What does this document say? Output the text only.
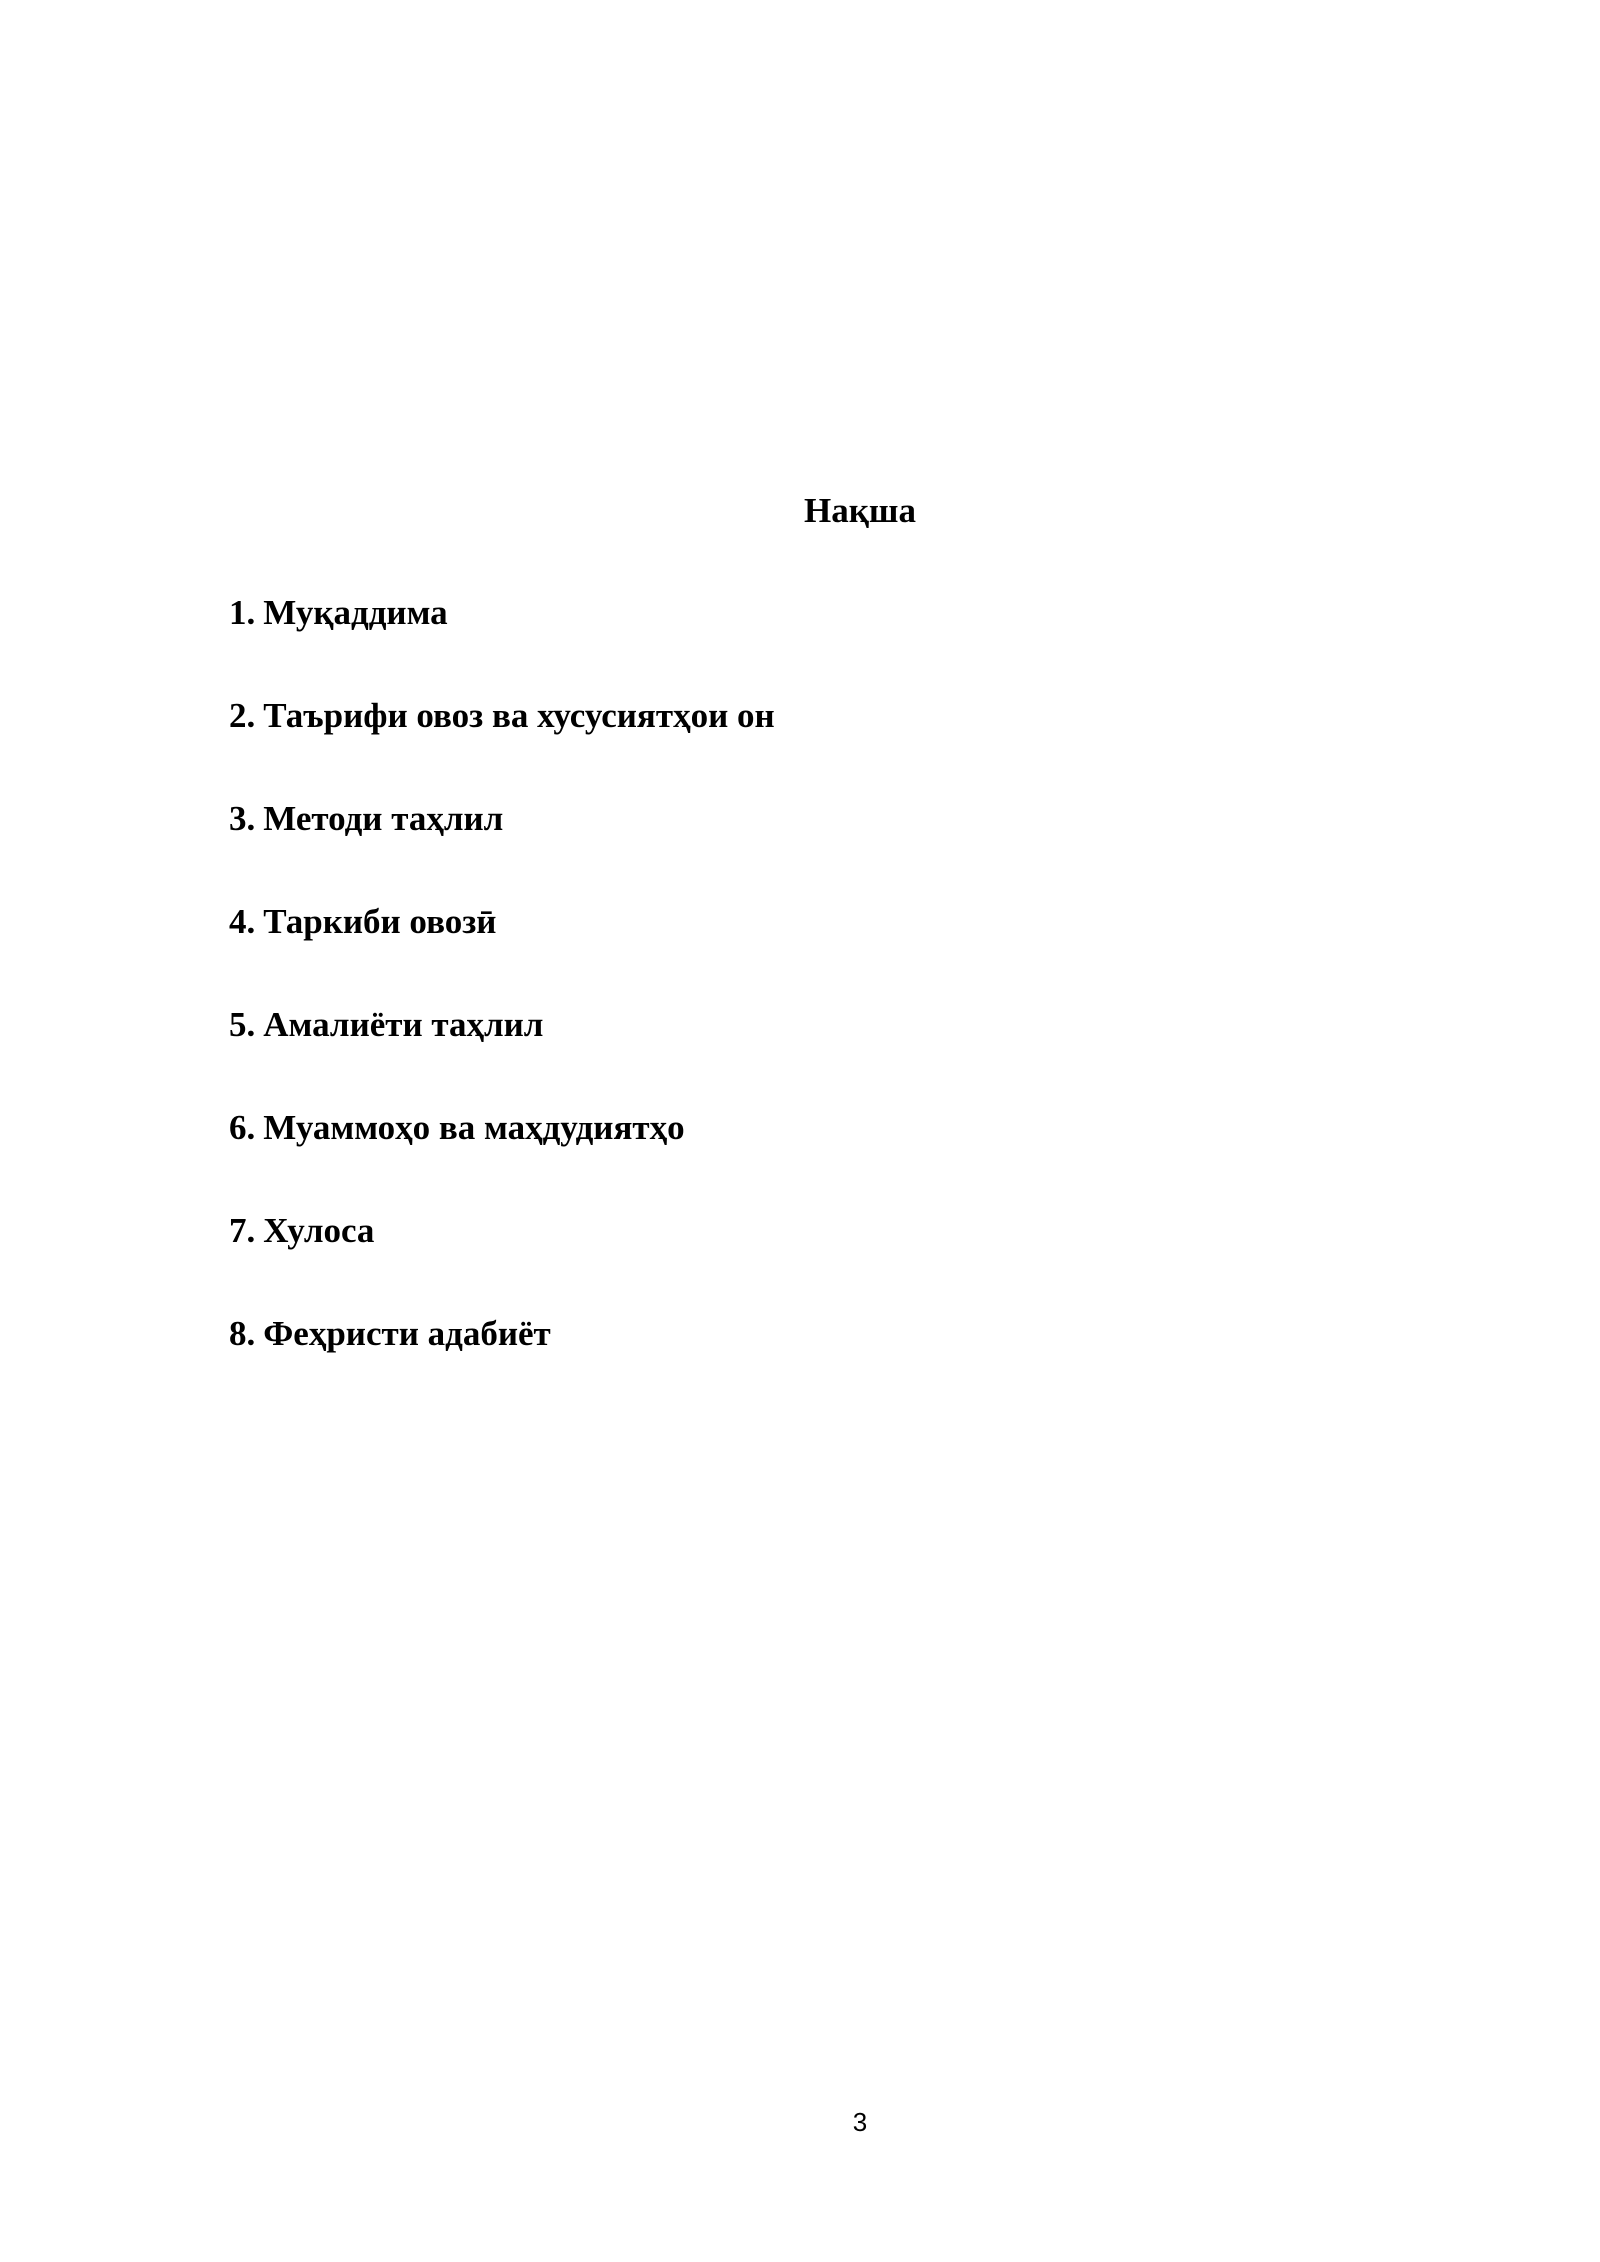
Нақша
1. Муқаддима
2. Таърифи овоз ва хусусиятҳои он
3. Методи таҳлил
4. Таркиби овозӣ
5. Амалиёти таҳлил
6. Муаммоҳо ва маҳдудиятҳо
7. Хулоса
8. Феҳристи адабиёт
3
